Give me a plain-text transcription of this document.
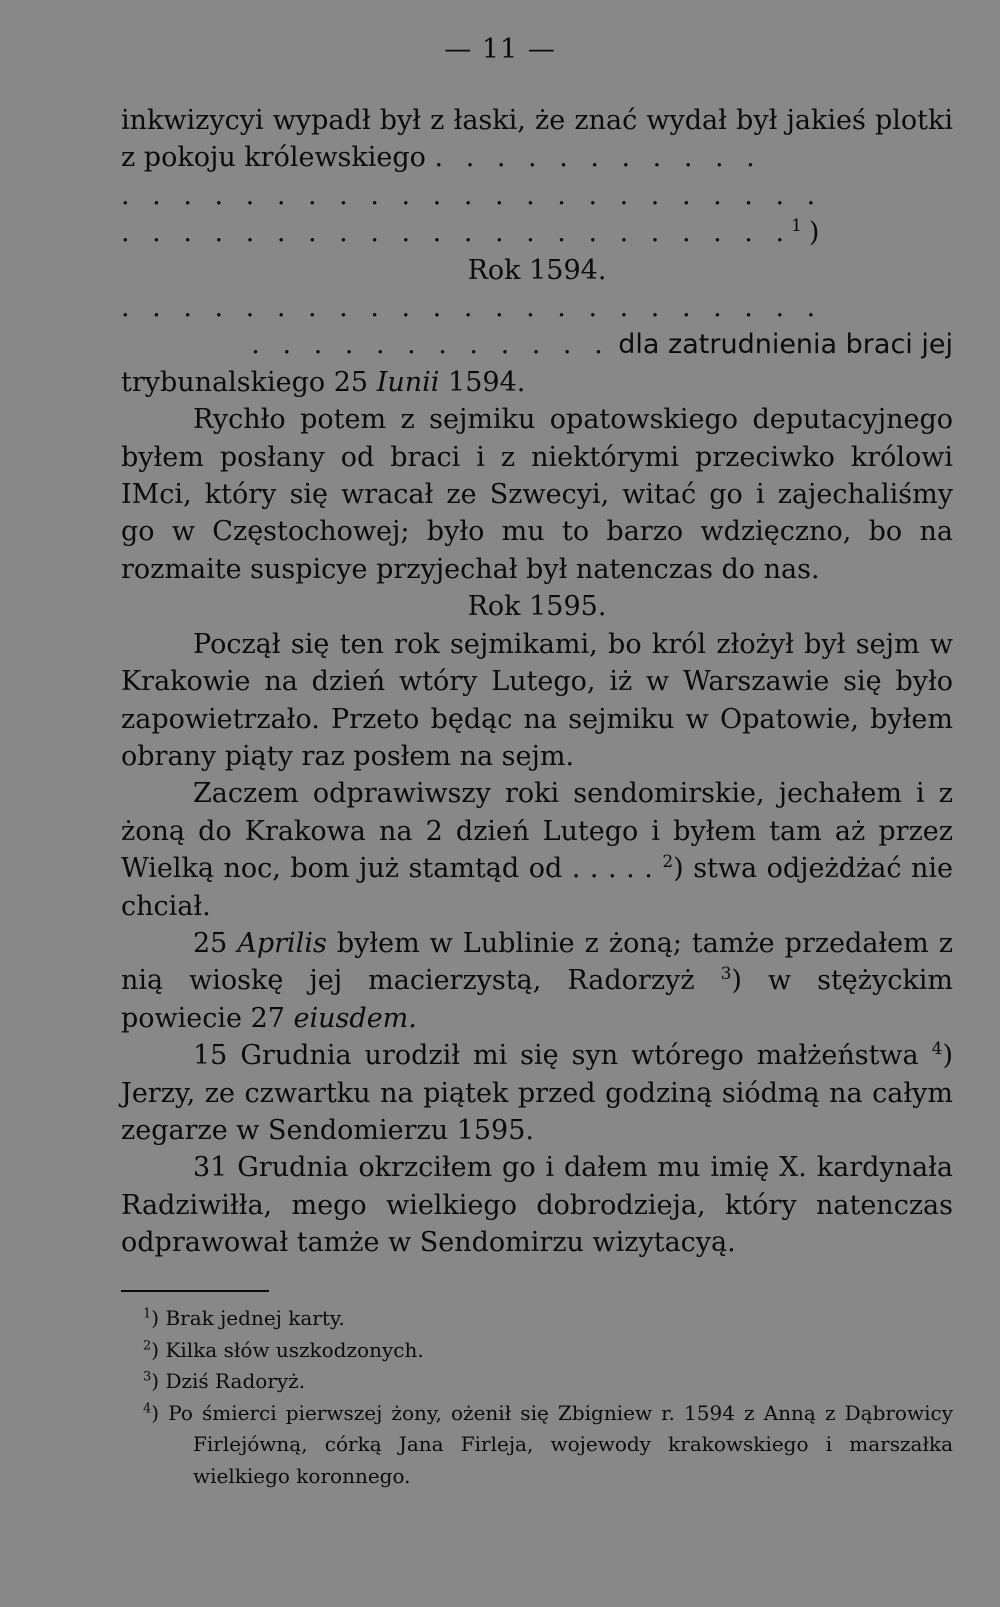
— 11 —

inkwizycyi wypadł był z łaski, że znać wydał był jakieś plotki z pokoju królewskiego . . . . . . . . . . .

. . . . . . . . . . . . . . . . . . . . . . .

. . . . . . . . . . . . . . . . . . . . . .$^1$)

Rok 1594.

. . . . . . . . . . . . . . . . . . . . . . .

. . . . . . . . . . . . dla zatrudnienia braci jej

trybunalskiego 25 Iunii 1594.

Rychło potem z sejmiku opatowskiego deputacyjnego byłem posłany od braci i z niektórymi przeciwko królowi IMci, który się wracał ze Szwecyi, witać go i zajechaliśmy go w Częstochowej; było mu to barzo wdzięczno, bo na rozmaite suspicye przyjechał był natenczas do nas.

Rok 1595.

Począł się ten rok sejmikami, bo król złożył był sejm w Krakowie na dzień wtóry Lutego, iż w Warszawie się było zapowietrzało. Przeto będąc na sejmiku w Opatowie, byłem obrany piąty raz posłem na sejm.

Zaczem odprawiwszy roki sendomirskie, jechałem i z żoną do Krakowa na 2 dzień Lutego i byłem tam aż przez Wielką noc, bom już stamtąd od . . . . . $^2$) stwa odjeżdżać nie chciał.

25 Aprilis byłem w Lublinie z żoną; tamże przedałem z nią wioskę jej macierzystą, Radorzyż $^3$) w stężyckim powiecie 27 eiusdem.

15 Grudnia urodził mi się syn wtórego małżeństwa $^4$) Jerzy, ze czwartku na piątek przed godziną siódmą na całym zegarze w Sendomierzu 1595.

31 Grudnia okrzciłem go i dałem mu imię X. kardynała Radziwiłła, mego wielkiego dobrodzieja, który natenczas odprawował tamże w Sendomirzu wizytacyą.

$^1$) Brak jednej karty.

$^2$) Kilka słów uszkodzonych.

$^3$) Dziś Radoryż.

$^4$) Po śmierci pierwszej żony, ożenił się Zbigniew r. 1594 z Anną z Dąbrowicy Firlejówną, córką Jana Firleja, wojewody krakowskiego i marszałka wielkiego koronnego.
